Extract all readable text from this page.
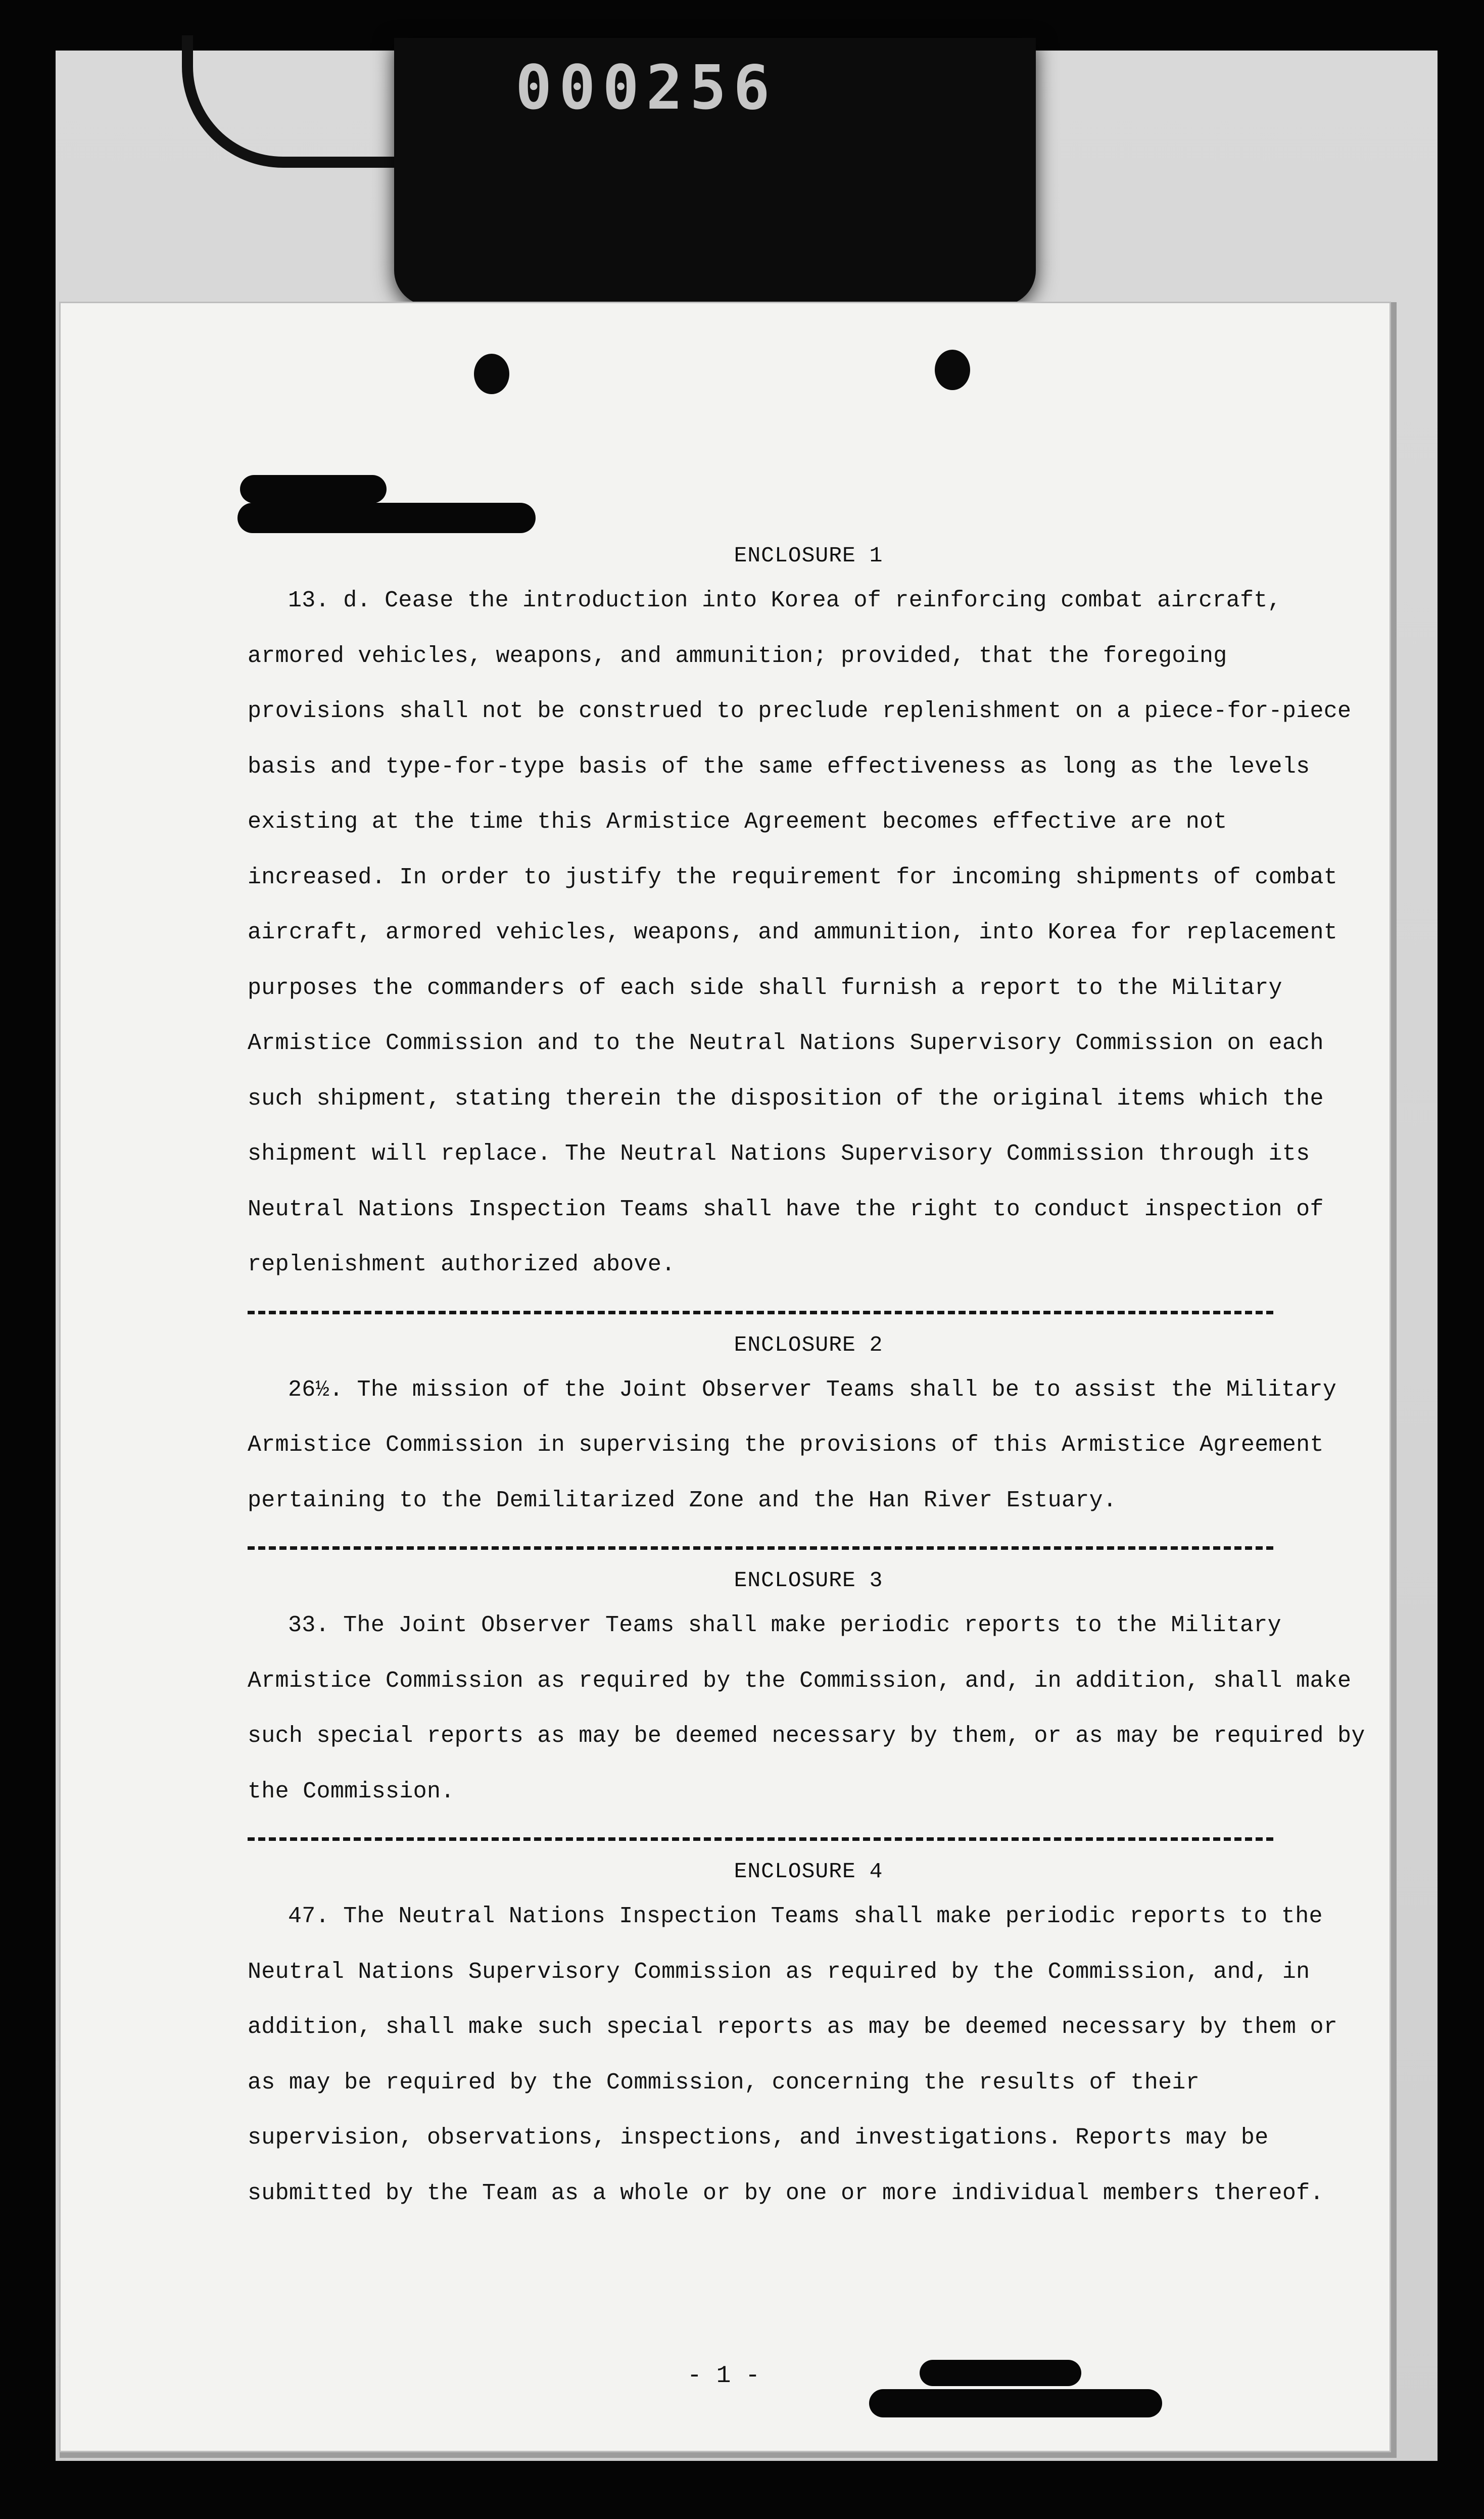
000256

ENCLOSURE 1

13. d. Cease the introduction into Korea of reinforcing combat aircraft, armored vehicles, weapons, and ammunition; provided, that the foregoing provisions shall not be construed to preclude replenishment on a piece-for-piece basis and type-for-type basis of the same effectiveness as long as the levels existing at the time this Armistice Agreement becomes effective are not increased. In order to justify the requirement for incoming shipments of combat aircraft, armored vehicles, weapons, and ammunition, into Korea for replacement purposes the commanders of each side shall furnish a report to the Military Armistice Commission and to the Neutral Nations Supervisory Commission on each such shipment, stating therein the disposition of the original items which the shipment will replace. The Neutral Nations Supervisory Commission through its Neutral Nations Inspection Teams shall have the right to conduct inspection of replenishment authorized above.

ENCLOSURE 2

26½. The mission of the Joint Observer Teams shall be to assist the Military Armistice Commission in supervising the provisions of this Armistice Agreement pertaining to the Demilitarized Zone and the Han River Estuary.

ENCLOSURE 3

33. The Joint Observer Teams shall make periodic reports to the Military Armistice Commission as required by the Commission, and, in addition, shall make such special reports as may be deemed necessary by them, or as may be required by the Commission.

ENCLOSURE 4

47. The Neutral Nations Inspection Teams shall make periodic reports to the Neutral Nations Supervisory Commission as required by the Commission, and, in addition, shall make such special reports as may be deemed necessary by them or as may be required by the Commission, concerning the results of their supervision, observations, inspections, and investigations. Reports may be submitted by the Team as a whole or by one or more individual members thereof.

- 1 -
